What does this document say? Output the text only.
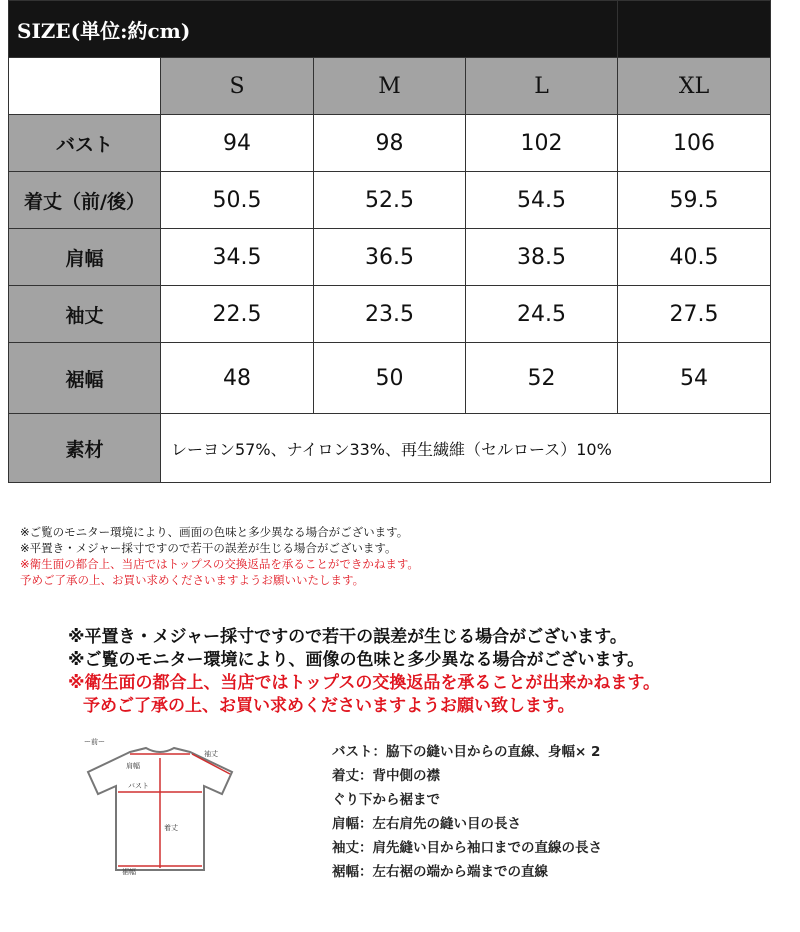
SIZE(単位:約cm)				
	S	M	L	XL
バスト	94	98	102	106
着丈（前/後）	50.5	52.5	54.5	59.5
肩幅	34.5	36.5	38.5	40.5
袖丈	22.5	23.5	24.5	27.5
裾幅	48	50	52	54
素材	レーヨン57%、ナイロン33%、再生繊維（セルロース）10%			
※ご覧のモニター環境により、画面の色味と多少異なる場合がございます。
※平置き・メジャー採寸ですので若干の誤差が生じる場合がございます。
※衛生面の都合上、当店ではトップスの交換返品を承ることができかねます。
予めご了承の上、お買い求めくださいますようお願いいたします。
※平置き・メジャー採寸ですので若干の誤差が生じる場合がございます。
※ご覧のモニター環境により、画像の色味と多少異なる場合がございます。
※衛生面の都合上、当店ではトップスの交換返品を承ることが出来かねます。
予めご了承の上、お買い求めくださいますようお願い致します。
ー前ー
肩幅
袖丈
バスト
着丈
裾幅
バスト：脇下の縫い目からの直線、身幅× 2
着丈：背中側の襟
ぐり下から裾まで
肩幅：左右肩先の縫い目の長さ
袖丈：肩先縫い目から袖口までの直線の長さ
裾幅：左右裾の端から端までの直線
